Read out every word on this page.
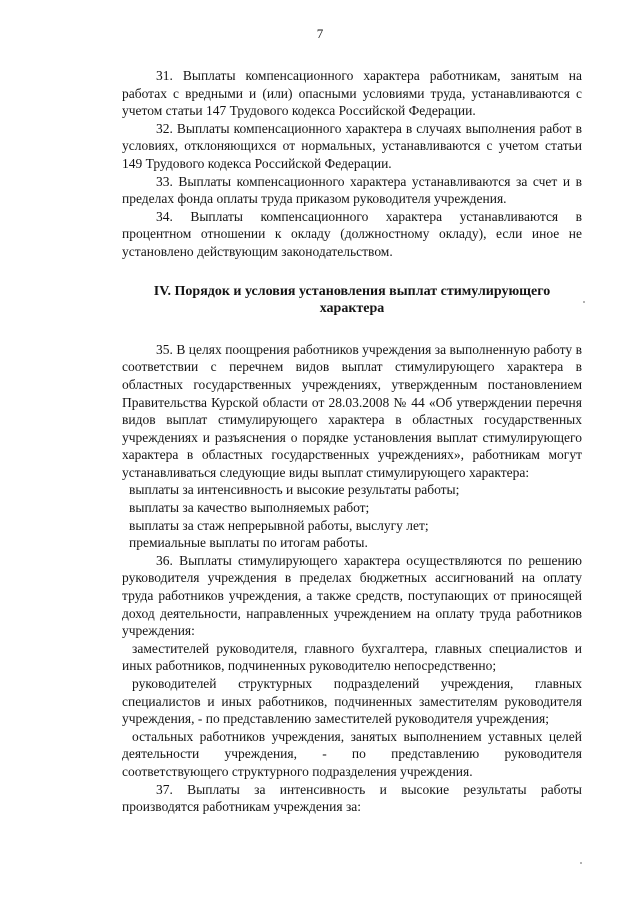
7

31. Выплаты компенсационного характера работникам, занятым на работах с вредными и (или) опасными условиями труда, устанавливаются с учетом статьи 147 Трудового кодекса Российской Федерации.

32. Выплаты компенсационного характера в случаях выполнения работ в условиях, отклоняющихся от нормальных, устанавливаются с учетом статьи 149 Трудового кодекса Российской Федерации.

33. Выплаты компенсационного характера устанавливаются за счет и в пределах фонда оплаты труда приказом руководителя учреждения.

34. Выплаты компенсационного характера устанавливаются в процентном отношении к окладу (должностному окладу), если иное не установлено действующим законодательством.

IV. Порядок и условия установления выплат стимулирующего
характера

35. В целях поощрения работников учреждения за выполненную работу в соответствии с перечнем видов выплат стимулирующего характера в областных государственных учреждениях, утвержденным постановлением Правительства Курской области от 28.03.2008 № 44 «Об утверждении перечня видов выплат стимулирующего характера в областных государственных учреждениях и разъяснения о порядке установления выплат стимулирующего характера в областных государственных учреждениях», работникам могут устанавливаться следующие виды выплат стимулирующего характера:

выплаты за интенсивность и высокие результаты работы;

выплаты за качество выполняемых работ;

выплаты за стаж непрерывной работы, выслугу лет;

премиальные выплаты по итогам работы.

36. Выплаты стимулирующего характера осуществляются по решению руководителя учреждения в пределах бюджетных ассигнований на оплату труда работников учреждения, а также средств, поступающих от приносящей доход деятельности, направленных учреждением на оплату труда работников учреждения:

заместителей руководителя, главного бухгалтера, главных специалистов и иных работников, подчиненных руководителю непосредственно;

руководителей структурных подразделений учреждения, главных специалистов и иных работников, подчиненных заместителям руководителя учреждения, - по представлению заместителей руководителя учреждения;

остальных работников учреждения, занятых выполнением уставных целей деятельности учреждения, - по представлению руководителя соответствующего структурного подразделения учреждения.

37. Выплаты за интенсивность и высокие результаты работы производятся работникам учреждения за:
